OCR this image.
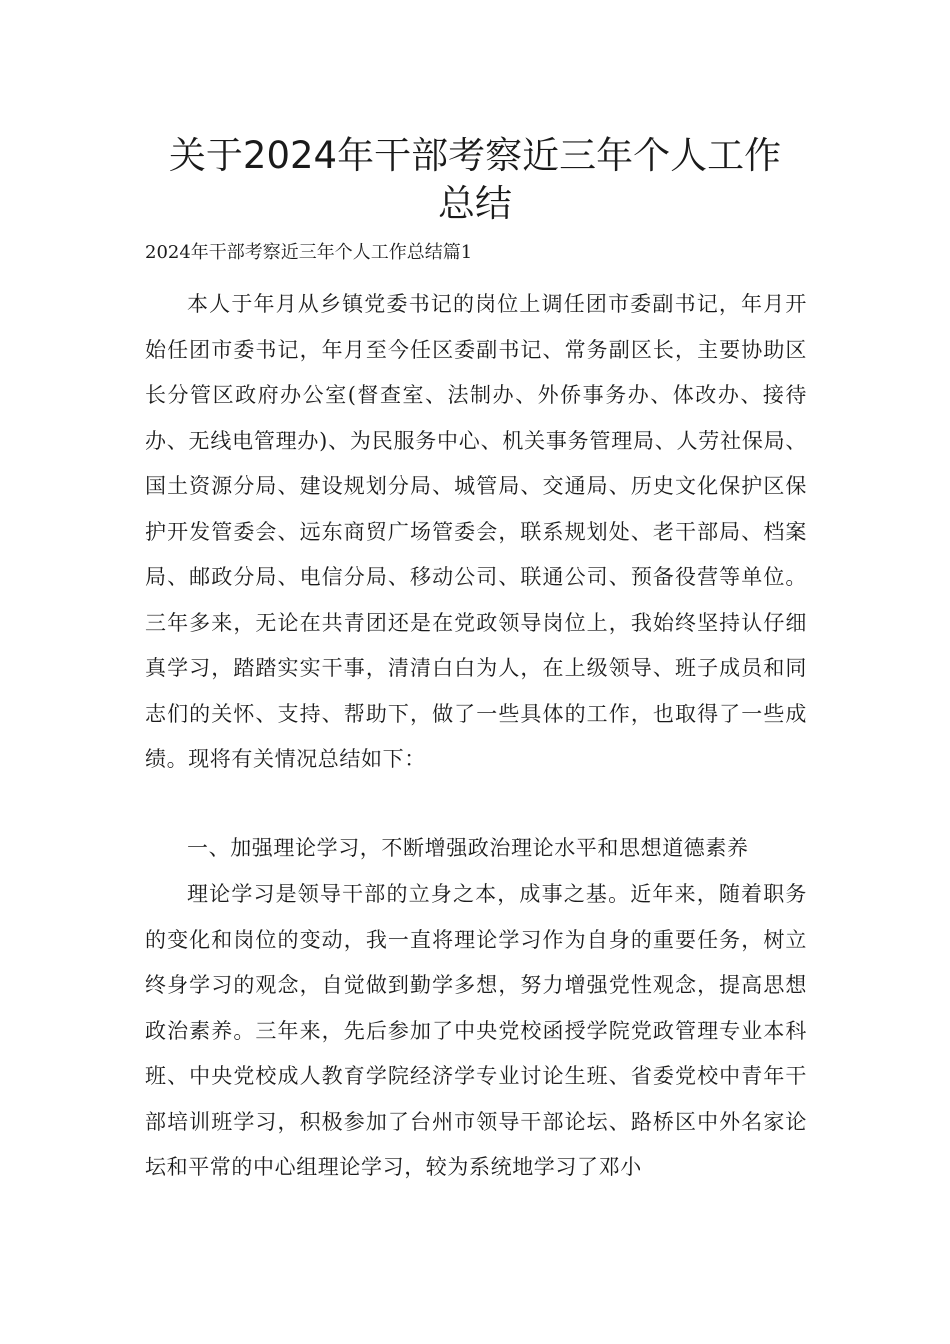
关于2024年干部考察近三年个人工作
总结

2024年干部考察近三年个人工作总结篇1

本人于年月从乡镇党委书记的岗位上调任团市委副书记，年月开始任团市委书记，年月至今任区委副书记、常务副区长，主要协助区长分管区政府办公室(督查室、法制办、外侨事务办、体改办、接待办、无线电管理办)、为民服务中心、机关事务管理局、人劳社保局、国土资源分局、建设规划分局、城管局、交通局、历史文化保护区保护开发管委会、远东商贸广场管委会，联系规划处、老干部局、档案局、邮政分局、电信分局、移动公司、联通公司、预备役营等单位。三年多来，无论在共青团还是在党政领导岗位上，我始终坚持认仔细真学习，踏踏实实干事，清清白白为人，在上级领导、班子成员和同志们的关怀、支持、帮助下，做了一些具体的工作，也取得了一些成绩。现将有关情况总结如下：

一、加强理论学习，不断增强政治理论水平和思想道德素养

理论学习是领导干部的立身之本，成事之基。近年来，随着职务的变化和岗位的变动，我一直将理论学习作为自身的重要任务，树立终身学习的观念，自觉做到勤学多想，努力增强党性观念，提高思想政治素养。三年来，先后参加了中央党校函授学院党政管理专业本科班、中央党校成人教育学院经济学专业讨论生班、省委党校中青年干部培训班学习，积极参加了台州市领导干部论坛、路桥区中外名家论坛和平常的中心组理论学习，较为系统地学习了邓小
